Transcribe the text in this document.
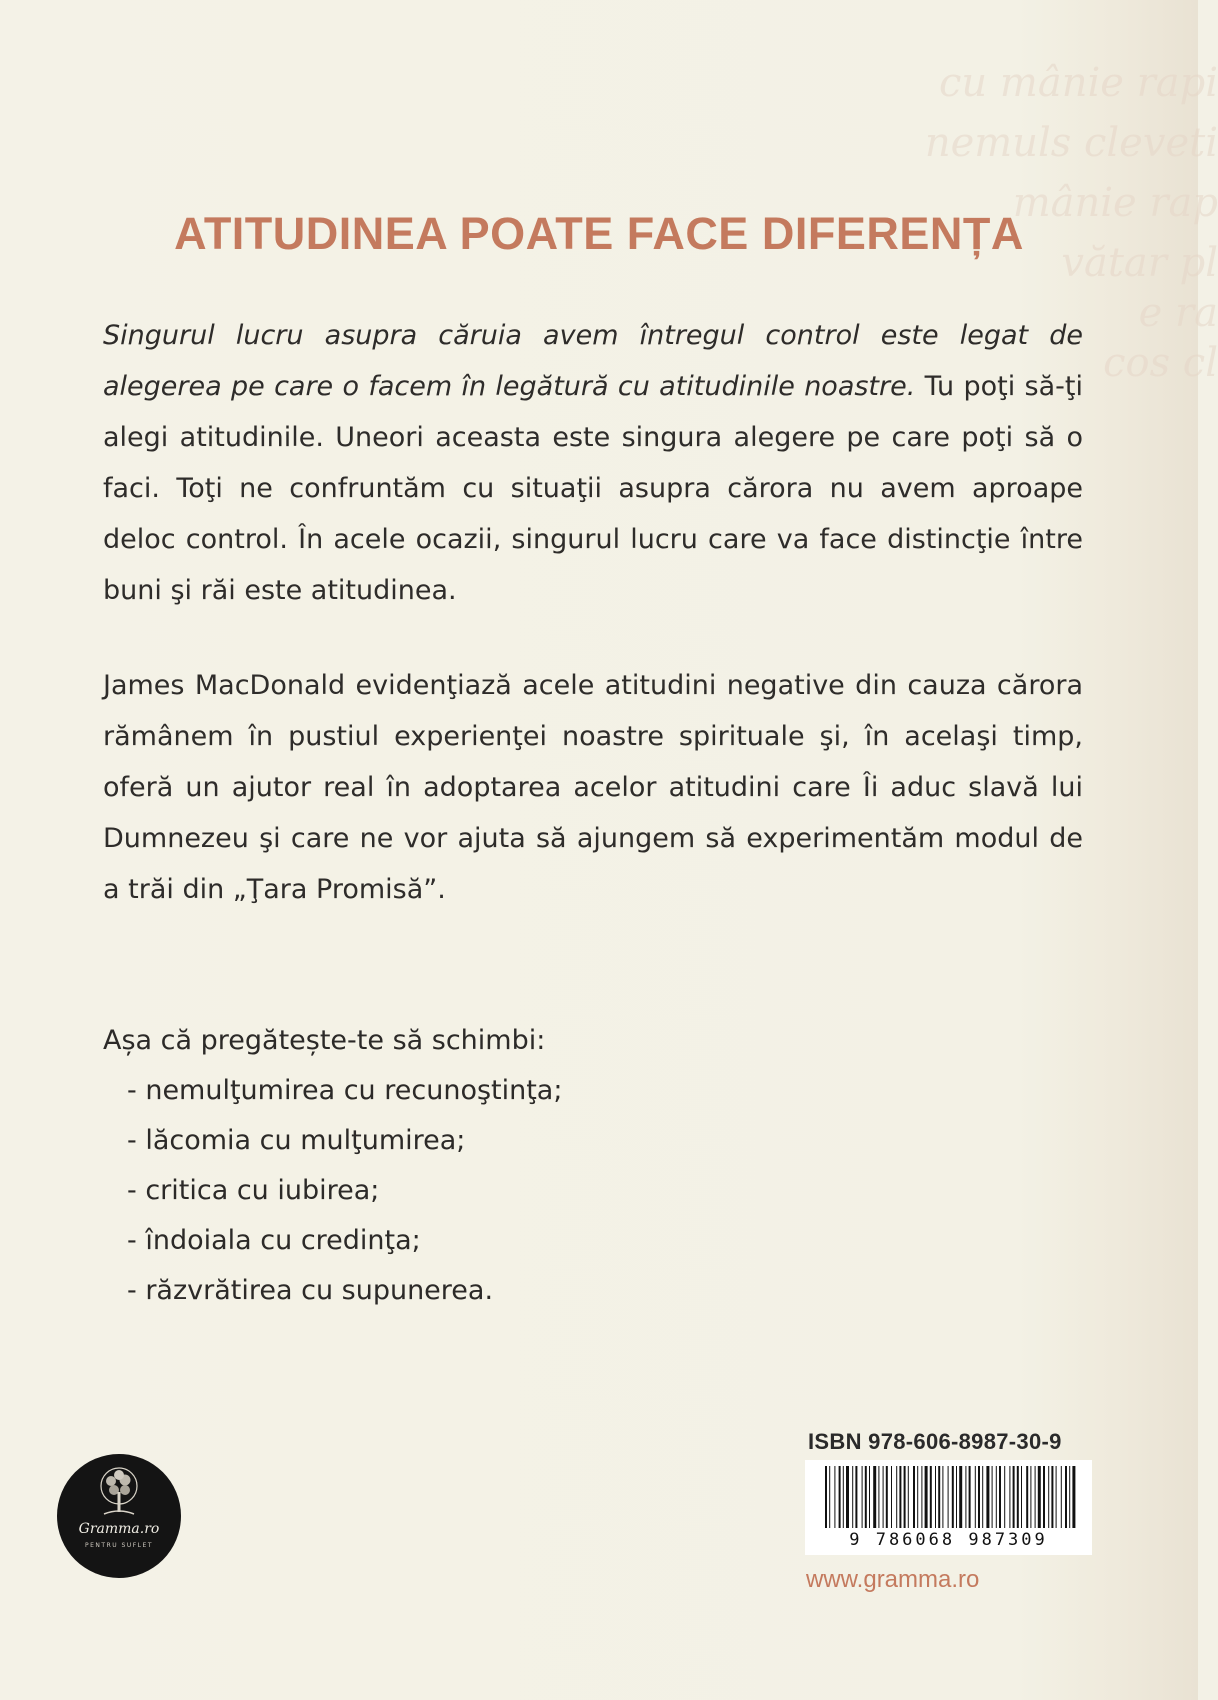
cu mânie rapi
nemuls cleveti
mânie rap
vătar pl
e ra
cos cl
ATITUDINEA POATE FACE DIFERENȚA

Singurul lucru asupra căruia avem întregul control este legat de alegerea pe care o facem în legătură cu atitudinile noastre. Tu poţi să-ţi alegi atitudinile. Uneori aceasta este singura alegere pe care poţi să o faci. Toţi ne confruntăm cu situaţii asupra cărora nu avem aproape deloc control. În acele ocazii, singurul lucru care va face distincţie între buni şi răi este atitudinea.

James MacDonald evidenţiază acele atitudini negative din cauza cărora rămânem în pustiul experienţei noastre spirituale şi, în acelaşi timp, oferă un ajutor real în adoptarea acelor atitudini care Îi aduc slavă lui Dumnezeu şi care ne vor ajuta să ajungem să experimentăm modul de a trăi din „Ţara Promisă”.

Așa că pregătește-te să schimbi:

- nemulţumirea cu recunoştinţa;
- lăcomia cu mulţumirea;
- critica cu iubirea;
- îndoiala cu credinţa;
- răzvrătirea cu supunerea.
Gramma.ro
PENTRU SUFLET
ISBN 978-606-8987-30-9
9 786068 987309
www.gramma.ro
